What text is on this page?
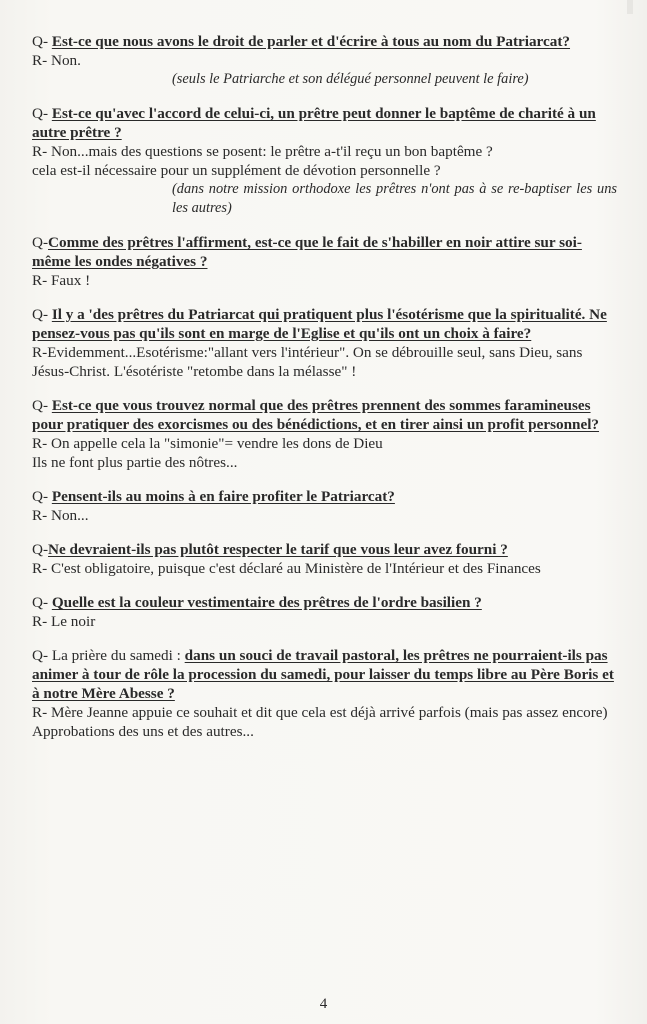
Q- Est-ce que nous avons le droit de parler et d'écrire à tous au nom du Patriarcat?

R- Non.

(seuls le Patriarche et son délégué personnel peuvent le faire)

Q- Est-ce qu'avec l'accord de celui-ci, un prêtre peut donner le baptême de charité à un autre prêtre ?

R- Non...mais des questions se posent: le prêtre a-t'il reçu un bon baptême ?

cela est-il nécessaire pour un supplément de dévotion personnelle ?

(dans notre mission orthodoxe les prêtres n'ont pas à se re-baptiser les uns les autres)

Q-Comme des prêtres l'affirment, est-ce que le fait de s'habiller en noir attire sur soi-même les ondes négatives ?

R- Faux !

Q- Il y a 'des prêtres du Patriarcat qui pratiquent plus l'ésotérisme que la spiritualité. Ne pensez-vous pas qu'ils sont en marge de l'Eglise et qu'ils ont un choix à faire?

R-Evidemment...Esotérisme:"allant vers l'intérieur". On se débrouille seul, sans Dieu, sans Jésus-Christ. L'ésotériste "retombe dans la mélasse" !

Q- Est-ce que vous trouvez normal que des prêtres prennent des sommes faramineuses pour pratiquer des exorcismes ou des bénédictions, et en tirer ainsi un profit personnel?

R- On appelle cela la "simonie"= vendre les dons de Dieu

Ils ne font plus partie des nôtres...

Q- Pensent-ils au moins à en faire profiter le Patriarcat?

R- Non...

Q-Ne devraient-ils pas plutôt respecter le tarif que vous leur avez fourni ?

R- C'est obligatoire, puisque c'est déclaré au Ministère de l'Intérieur et des Finances

Q- Quelle est la couleur vestimentaire des prêtres de l'ordre basilien ?

R- Le noir

Q- La prière du samedi : dans un souci de travail pastoral, les prêtres ne pourraient-ils pas animer à tour de rôle la procession du samedi, pour laisser du temps libre au Père Boris et à notre Mère Abesse ?

R- Mère Jeanne appuie ce souhait et dit que cela est déjà arrivé parfois (mais pas assez encore)

Approbations des uns et des autres...

4
